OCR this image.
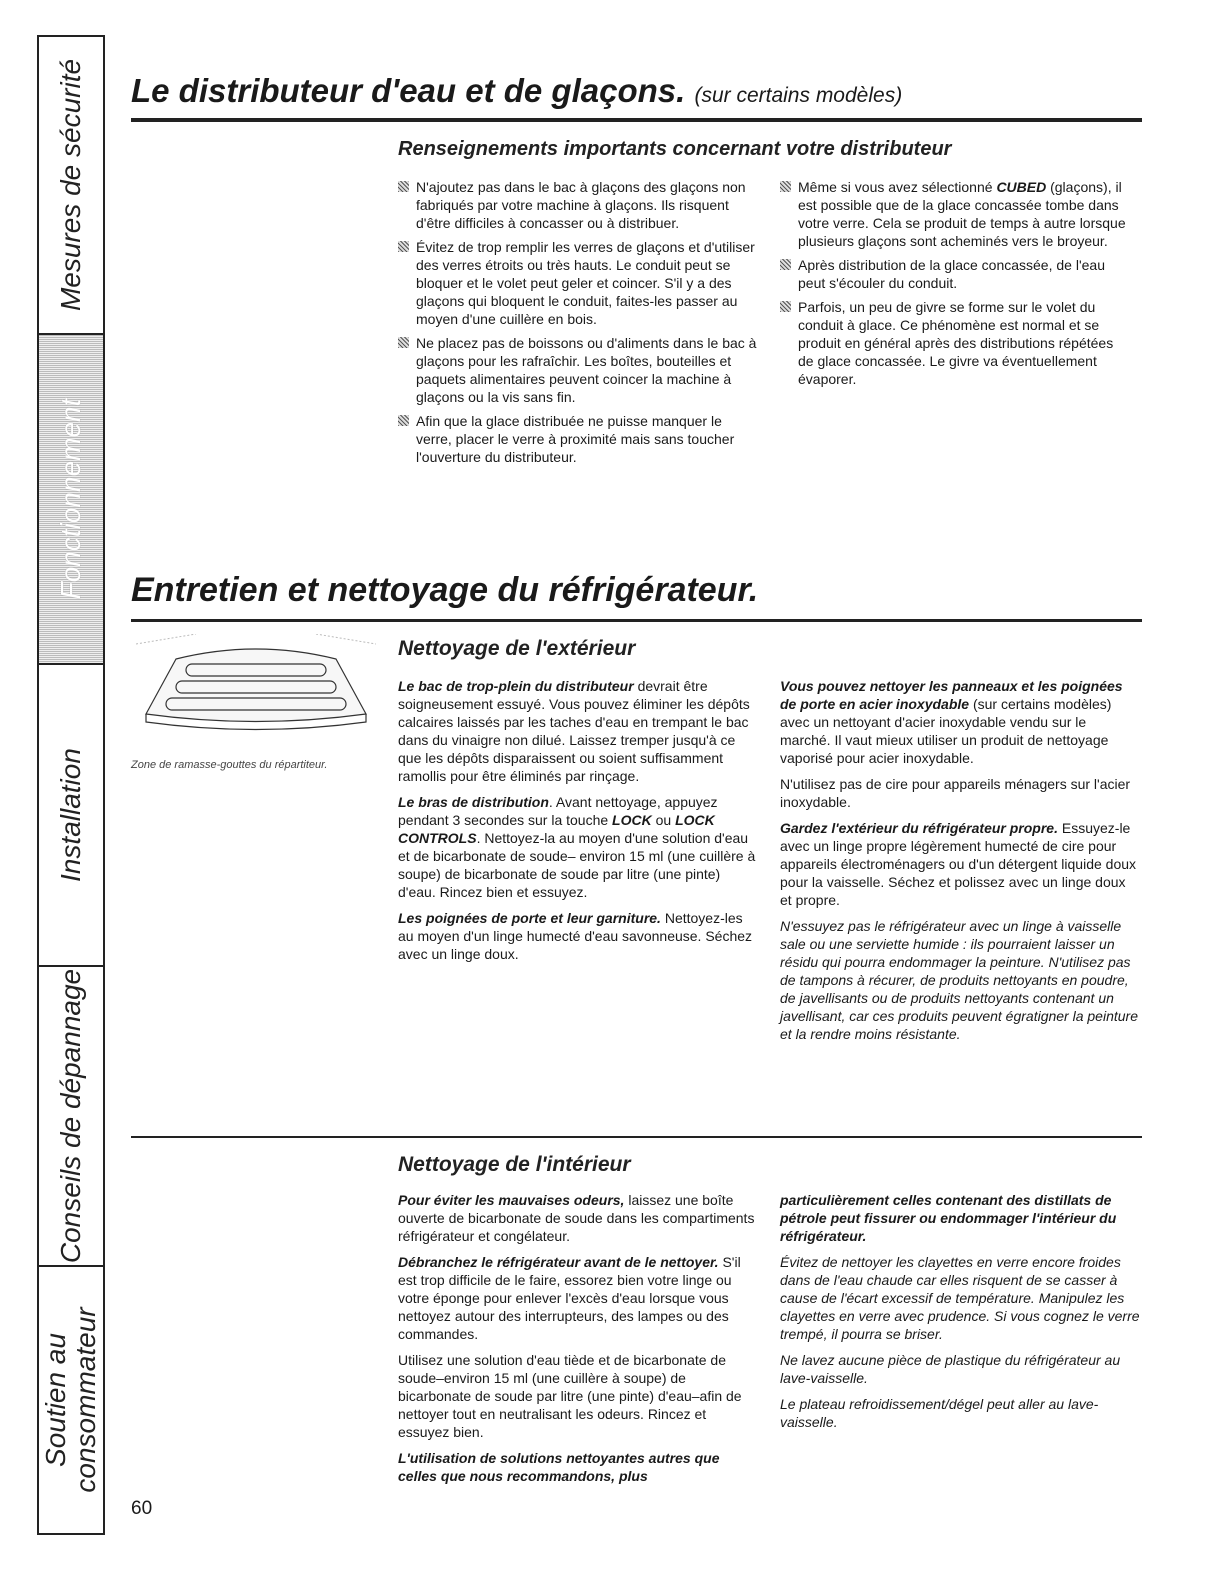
Mesures de sécurité
Fonctionnement
Installation
Conseils de dépannage
Soutien au
consommateur
Le distributeur d'eau et de glaçons. (sur certains modèles)
Renseignements importants concernant votre distributeur
N'ajoutez pas dans le bac à glaçons des glaçons non fabriqués par votre machine à glaçons. Ils risquent d'être difficiles à concasser ou à distribuer.
Évitez de trop remplir les verres de glaçons et d'utiliser des verres étroits ou très hauts. Le conduit peut se bloquer et le volet peut geler et coincer. S'il y a des glaçons qui bloquent le conduit, faites-les passer au moyen d'une cuillère en bois.
Ne placez pas de boissons ou d'aliments dans le bac à glaçons pour les rafraîchir. Les boîtes, bouteilles et paquets alimentaires peuvent coincer la machine à glaçons ou la vis sans fin.
Afin que la glace distribuée ne puisse manquer le verre, placer le verre à proximité mais sans toucher l'ouverture du distributeur.
Même si vous avez sélectionné CUBED (glaçons), il est possible que de la glace concassée tombe dans votre verre. Cela se produit de temps à autre lorsque plusieurs glaçons sont acheminés vers le broyeur.
Après distribution de la glace concassée, de l'eau peut s'écouler du conduit.
Parfois, un peu de givre se forme sur le volet du conduit à glace. Ce phénomène est normal et se produit en général après des distributions répétées de glace concassée. Le givre va éventuellement évaporer.
Entretien et nettoyage du réfrigérateur.
Zone de ramasse-gouttes du répartiteur.
Nettoyage de l'extérieur

Le bac de trop-plein du distributeur devrait être soigneusement essuyé. Vous pouvez éliminer les dépôts calcaires laissés par les taches d'eau en trempant le bac dans du vinaigre non dilué. Laissez tremper jusqu'à ce que les dépôts disparaissent ou soient suffisamment ramollis pour être éliminés par rinçage.

Le bras de distribution. Avant nettoyage, appuyez pendant 3 secondes sur la touche LOCK ou LOCK CONTROLS. Nettoyez-la au moyen d'une solution d'eau et de bicarbonate de soude– environ 15 ml (une cuillère à soupe) de bicarbonate de soude par litre (une pinte) d'eau. Rincez bien et essuyez.

Les poignées de porte et leur garniture. Nettoyez-les au moyen d'un linge humecté d'eau savonneuse. Séchez avec un linge doux.

Vous pouvez nettoyer les panneaux et les poignées de porte en acier inoxydable (sur certains modèles) avec un nettoyant d'acier inoxydable vendu sur le marché. Il vaut mieux utiliser un produit de nettoyage vaporisé pour acier inoxydable.

N'utilisez pas de cire pour appareils ménagers sur l'acier inoxydable.

Gardez l'extérieur du réfrigérateur propre. Essuyez-le avec un linge propre légèrement humecté de cire pour appareils électroménagers ou d'un détergent liquide doux pour la vaisselle. Séchez et polissez avec un linge doux et propre.

N'essuyez pas le réfrigérateur avec un linge à vaisselle sale ou une serviette humide : ils pourraient laisser un résidu qui pourra endommager la peinture. N'utilisez pas de tampons à récurer, de produits nettoyants en poudre, de javellisants ou de produits nettoyants contenant un javellisant, car ces produits peuvent égratigner la peinture et la rendre moins résistante.

Nettoyage de l'intérieur

Pour éviter les mauvaises odeurs, laissez une boîte ouverte de bicarbonate de soude dans les compartiments réfrigérateur et congélateur.

Débranchez le réfrigérateur avant de le nettoyer. S'il est trop difficile de le faire, essorez bien votre linge ou votre éponge pour enlever l'excès d'eau lorsque vous nettoyez autour des interrupteurs, des lampes ou des commandes.

Utilisez une solution d'eau tiède et de bicarbonate de soude–environ 15 ml (une cuillère à soupe) de bicarbonate de soude par litre (une pinte) d'eau–afin de nettoyer tout en neutralisant les odeurs. Rincez et essuyez bien.

L'utilisation de solutions nettoyantes autres que celles que nous recommandons, plus

particulièrement celles contenant des distillats de pétrole peut fissurer ou endommager l'intérieur du réfrigérateur.

Évitez de nettoyer les clayettes en verre encore froides dans de l'eau chaude car elles risquent de se casser à cause de l'écart excessif de température. Manipulez les clayettes en verre avec prudence. Si vous cognez le verre trempé, il pourra se briser.

Ne lavez aucune pièce de plastique du réfrigérateur au lave-vaisselle.

Le plateau refroidissement/dégel peut aller au lave-vaisselle.

60
